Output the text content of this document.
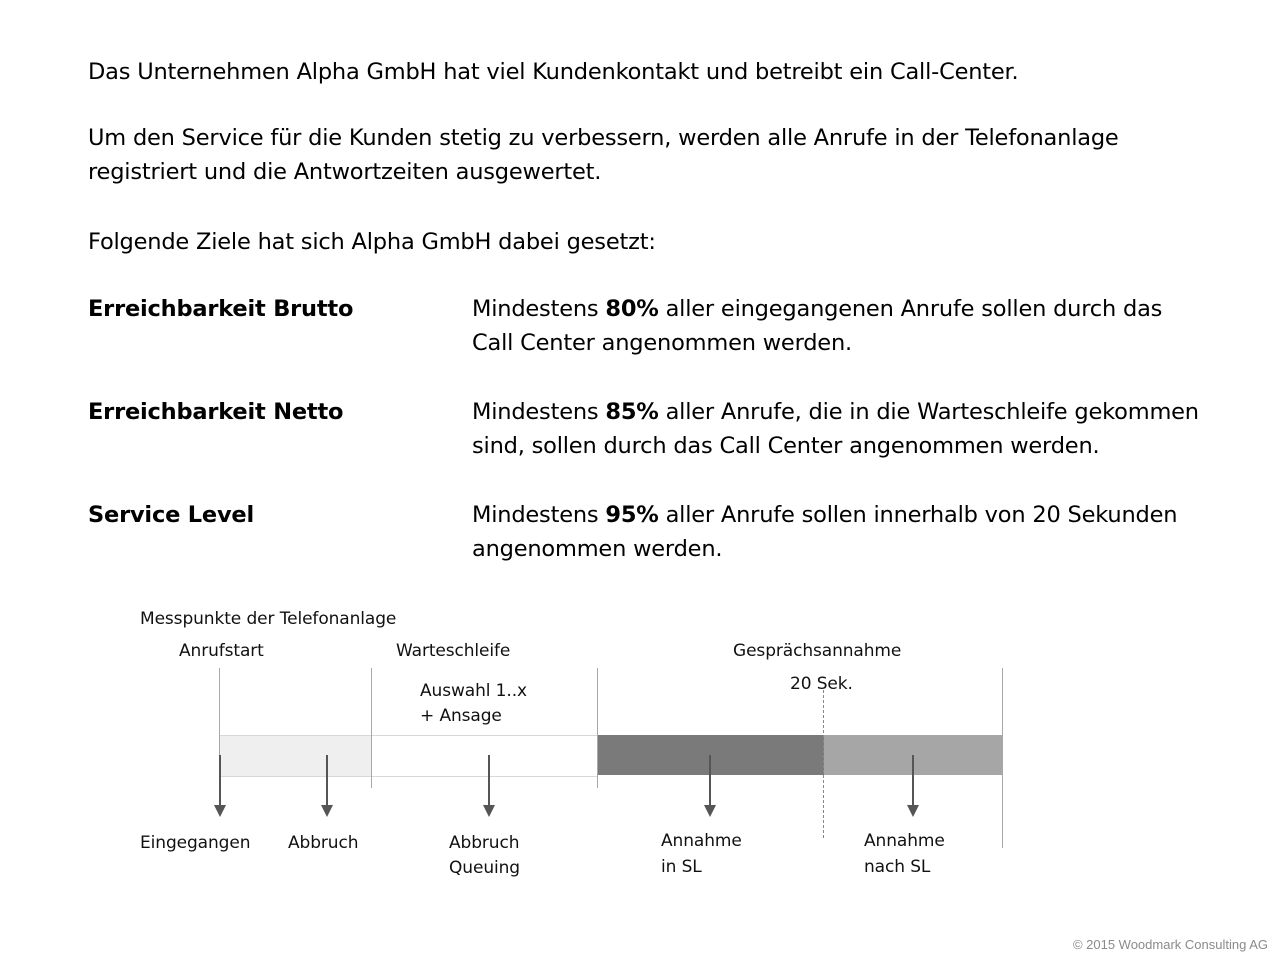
Das Unternehmen Alpha GmbH hat viel Kundenkontakt und betreibt ein Call-Center.
Um den Service für die Kunden stetig zu verbessern, werden alle Anrufe in der Telefonanlage
registriert und die Antwortzeiten ausgewertet.
Folgende Ziele hat sich Alpha GmbH dabei gesetzt:
Erreichbarkeit Brutto	Mindestens 80% aller eingegangenen Anrufe sollen durch das
Call Center angenommen werden.
Erreichbarkeit Netto	Mindestens 85% aller Anrufe, die in die Warteschleife gekommen
sind, sollen durch das Call Center angenommen werden.
Service Level	Mindestens 95% aller Anrufe sollen innerhalb von 20 Sekunden
angenommen werden.
Messpunkte der Telefonanlage
Anrufstart	Warteschleife	Gesprächsannahme
Auswahl 1..x
+ Ansage
20 Sek.
Eingegangen Abbruch	Abbruch
Queuing
Annahme
in SL
Annahme
nach SL
© 2015 Woodmark Consulting AG
